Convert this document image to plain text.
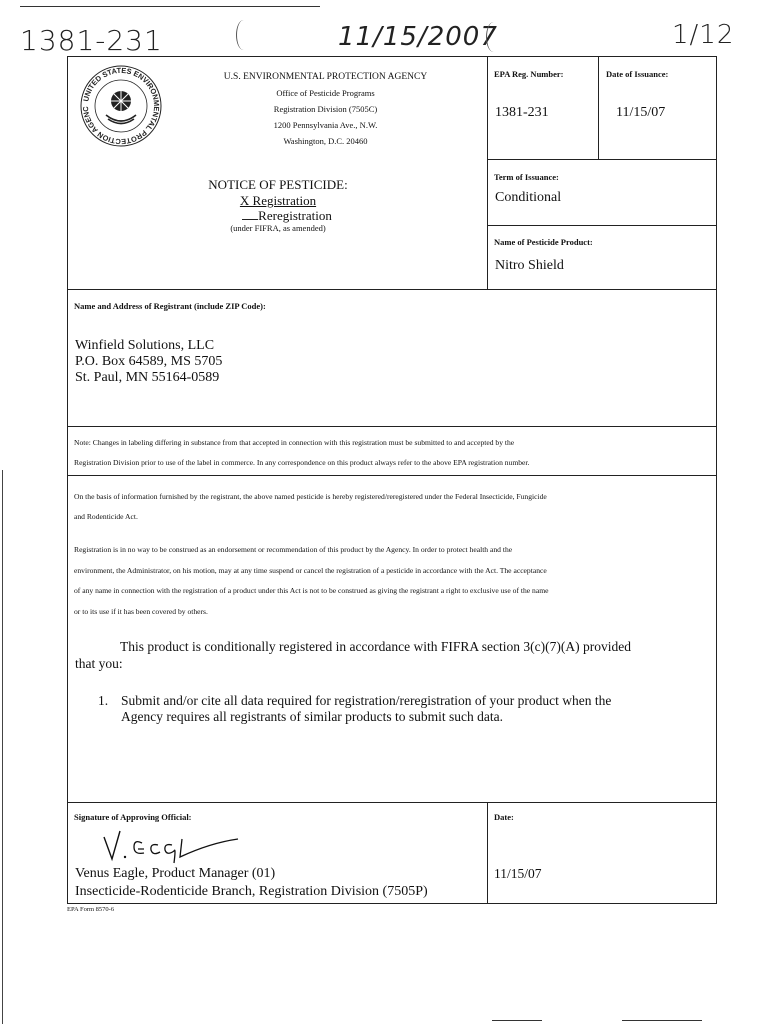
1381-231	11/15/2007	1/12
UNITED STATES ENVIRONMENTAL PROTECTION AGENC
U.S. ENVIRONMENTAL PROTECTION AGENCY
Office of Pesticide Programs
Registration Division (7505C)
1200 Pennsylvania Ave., N.W.
Washington, D.C. 20460
NOTICE OF PESTICIDE:
X Registration
Reregistration
(under FIFRA, as amended)
EPA Reg. Number:
1381-231
Date of Issuance:
11/15/07
Term of Issuance:
Conditional
Name of Pesticide Product:
Nitro Shield
Name and Address of Registrant (include ZIP Code):
Winfield Solutions, LLC
P.O. Box 64589, MS 5705
St. Paul, MN 55164-0589
Note: Changes in labeling differing in substance from that accepted in connection with this registration must be submitted to and accepted by the
Registration Division prior to use of the label in commerce. In any correspondence on this product always refer to the above EPA registration number.
On the basis of information furnished by the registrant, the above named pesticide is hereby registered/reregistered under the Federal Insecticide, Fungicide
and Rodenticide Act.
Registration is in no way to be construed as an endorsement or recommendation of this product by the Agency. In order to protect health and the
environment, the Administrator, on his motion, may at any time suspend or cancel the registration of a pesticide in accordance with the Act. The acceptance
of any name in connection with the registration of a product under this Act is not to be construed as giving the registrant a right to exclusive use of the name
or to its use if it has been covered by others.
This product is conditionally registered in accordance with FIFRA section 3(c)(7)(A) provided
that you:
1. Submit and/or cite all data required for registration/reregistration of your product when the
Agency requires all registrants of similar products to submit such data.
Signature of Approving Official:
Venus Eagle, Product Manager (01)
Insecticide-Rodenticide Branch, Registration Division (7505P)
Date:
11/15/07
EPA Form 8570-6
